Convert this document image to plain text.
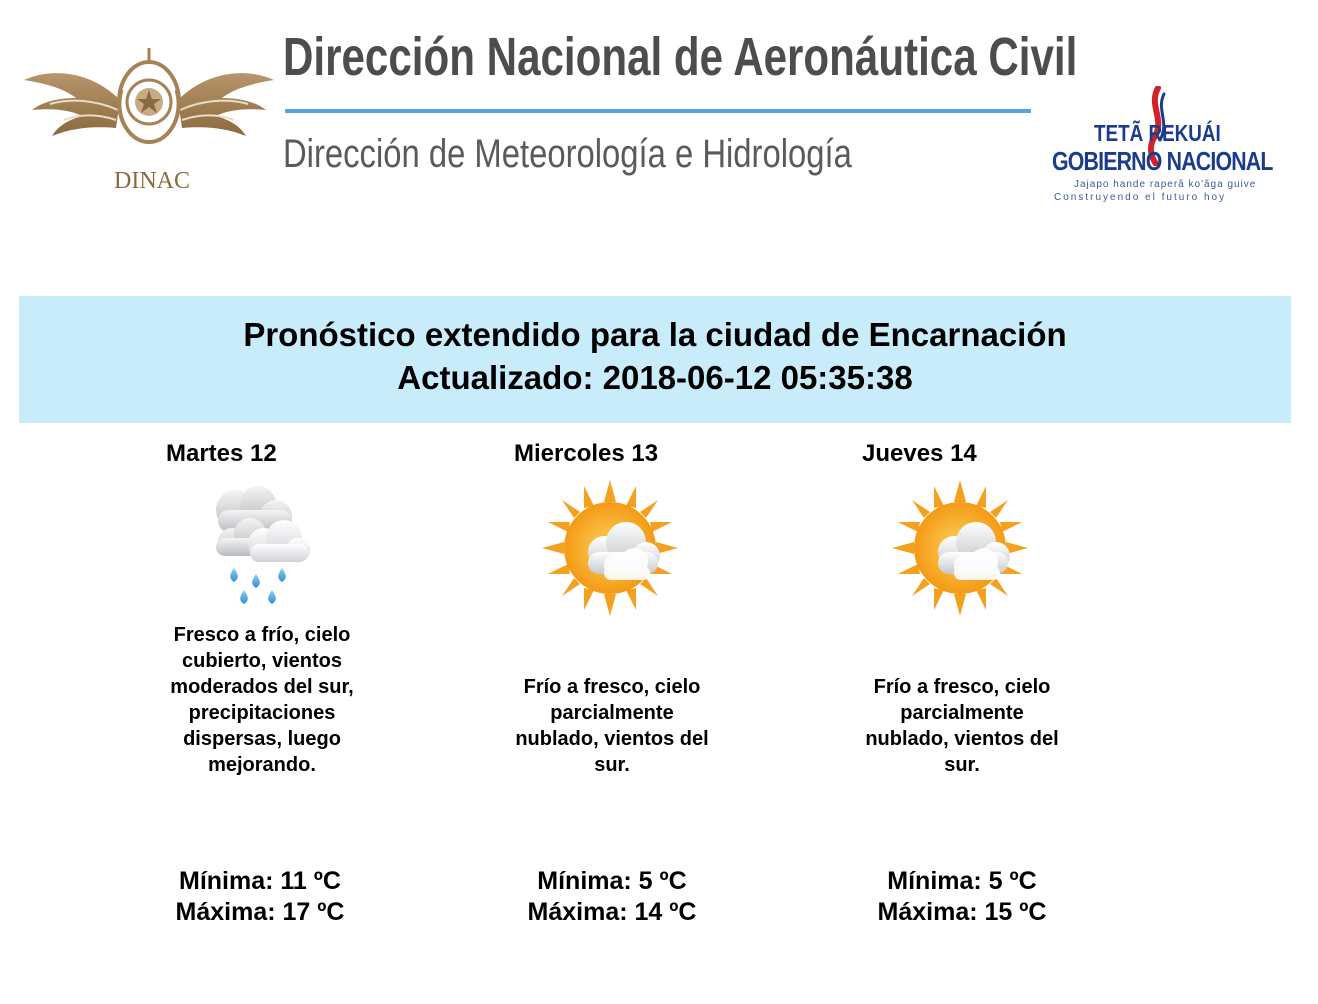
DINAC
Dirección Nacional de Aeronáutica Civil
Dirección de Meteorología e Hidrología	TETÃ REKUÁI
GOBIERNO NACIONAL
Jajapo hande raperã ko'ãga guive
Construyendo el futuro hoy
Pronóstico extendido para la ciudad de Encarnación
Actualizado: 2018-06-12 05:35:38
Martes 12
Fresco a frío, cielo cubierto, vientos moderados del sur, precipitaciones dispersas, luego mejorando.
Mínima: 11 ºC
Máxima: 17 ºC
Miercoles 13
Frío a fresco, cielo parcialmente nublado, vientos del sur.
Mínima: 5 ºC
Máxima: 14 ºC
Jueves 14
Frío a fresco, cielo parcialmente nublado, vientos del sur.
Mínima: 5 ºC
Máxima: 15 ºC
